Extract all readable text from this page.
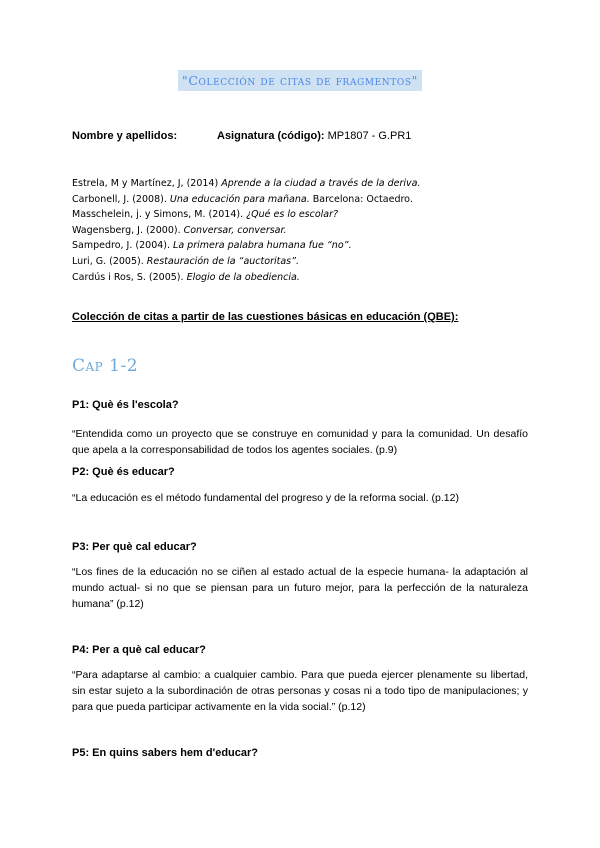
"Colección de citas de fragmentos"
Nombre y apellidos:	Asignatura (código): MP1807 - G.PR1
Estrela, M y Martínez, J, (2014) Aprende a la ciudad a través de la deriva.
Carbonell, J. (2008). Una educación para mañana. Barcelona: Octaedro.
Masschelein, j. y Simons, M. (2014). ¿Qué es lo escolar?
Wagensberg, J. (2000). Conversar, conversar.
Sampedro, J. (2004). La primera palabra humana fue “no”.
Luri, G. (2005). Restauración de la “auctoritas”.
Cardús i Ros, S. (2005). Elogio de la obediencia.
Colección de citas a partir de las cuestiones básicas en educación (QBE):
Cap 1-2
P1: Què és l'escola?
“Entendida como un proyecto que se construye en comunidad y para la comunidad. Un desafío que apela a la corresponsabilidad de todos los agentes sociales. (p.9)
P2: Què és educar?
“La educación es el método fundamental del progreso y de la reforma social. (p.12)
P3: Per què cal educar?
“Los fines de la educación no se ciñen al estado actual de la especie humana- la adaptación al mundo actual- si no que se piensan para un futuro mejor, para la perfección de la naturaleza humana” (p.12)
P4: Per a què cal educar?
“Para adaptarse al cambio: a cualquier cambio. Para que pueda ejercer plenamente su libertad, sin estar sujeto a la subordinación de otras personas y cosas ni a todo tipo de manipulaciones; y para que pueda participar activamente en la vida social.” (p.12)
P5: En quins sabers hem d'educar?
